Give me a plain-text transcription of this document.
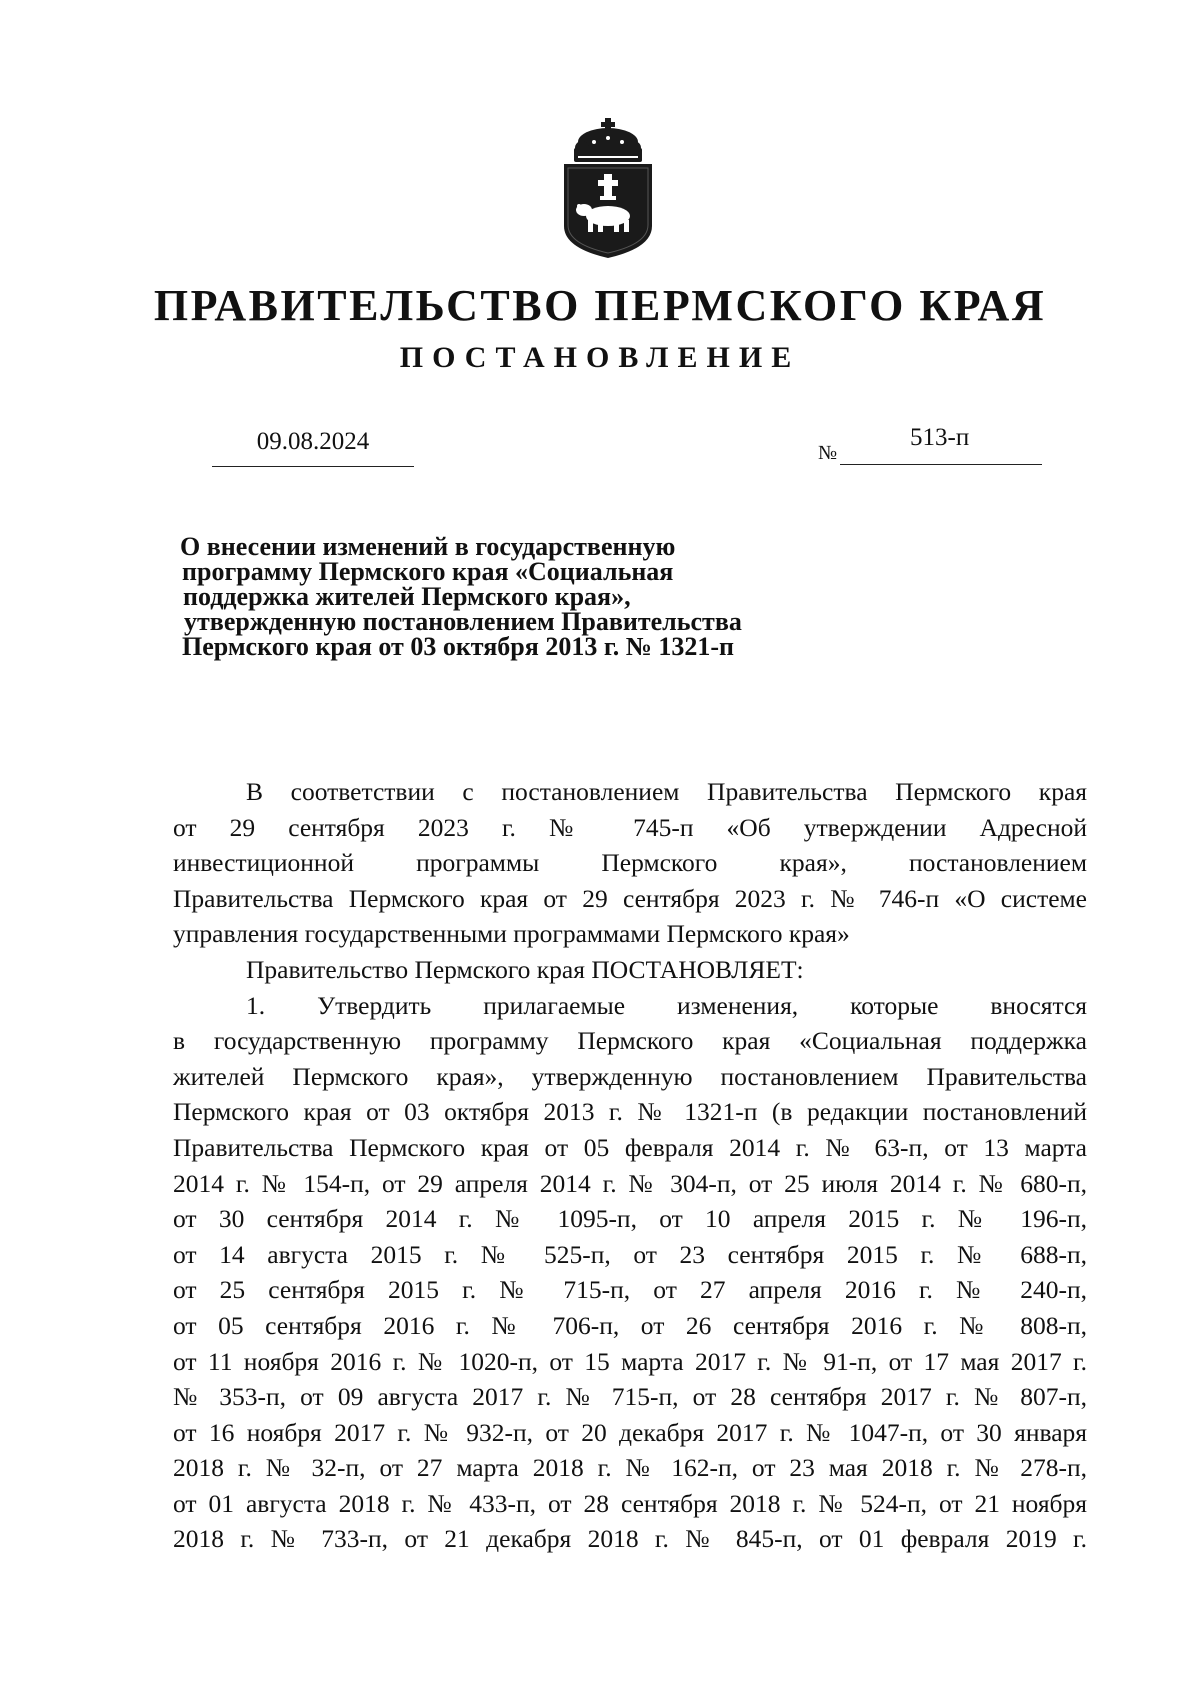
ПРАВИТЕЛЬСТВО ПЕРМСКОГО КРАЯ
ПОСТАНОВЛЕНИЕ
09.08.2024	№
513-п
О внесении изменений в государственную
программу Пермского края «Социальная
поддержка жителей Пермского края»,
утвержденную постановлением Правительства
Пермского края от 03 октября 2013 г. № 1321-п
В соответствии с постановлением Правительства Пермского края
от 29 сентября 2023 г. № 745-п «Об утверждении Адресной
инвестиционной программы Пермского края», постановлением
Правительства Пермского края от 29 сентября 2023 г. № 746-п «О системе
управления государственными программами Пермского края»
Правительство Пермского края ПОСТАНОВЛЯЕТ:
1. Утвердить прилагаемые изменения, которые вносятся
в государственную программу Пермского края «Социальная поддержка
жителей Пермского края», утвержденную постановлением Правительства
Пермского края от 03 октября 2013 г. № 1321-п (в редакции постановлений
Правительства Пермского края от 05 февраля 2014 г. № 63-п, от 13 марта
2014 г. № 154-п, от 29 апреля 2014 г. № 304-п, от 25 июля 2014 г. № 680-п,
от 30 сентября 2014 г. № 1095-п, от 10 апреля 2015 г. № 196-п,
от 14 августа 2015 г. № 525-п, от 23 сентября 2015 г. № 688-п,
от 25 сентября 2015 г. № 715-п, от 27 апреля 2016 г. № 240-п,
от 05 сентября 2016 г. № 706-п, от 26 сентября 2016 г. № 808-п,
от 11 ноября 2016 г. № 1020-п, от 15 марта 2017 г. № 91-п, от 17 мая 2017 г.
№ 353-п, от 09 августа 2017 г. № 715-п, от 28 сентября 2017 г. № 807-п,
от 16 ноября 2017 г. № 932-п, от 20 декабря 2017 г. № 1047-п, от 30 января
2018 г. № 32-п, от 27 марта 2018 г. № 162-п, от 23 мая 2018 г. № 278-п,
от 01 августа 2018 г. № 433-п, от 28 сентября 2018 г. № 524-п, от 21 ноября
2018 г. № 733-п, от 21 декабря 2018 г. № 845-п, от 01 февраля 2019 г.
